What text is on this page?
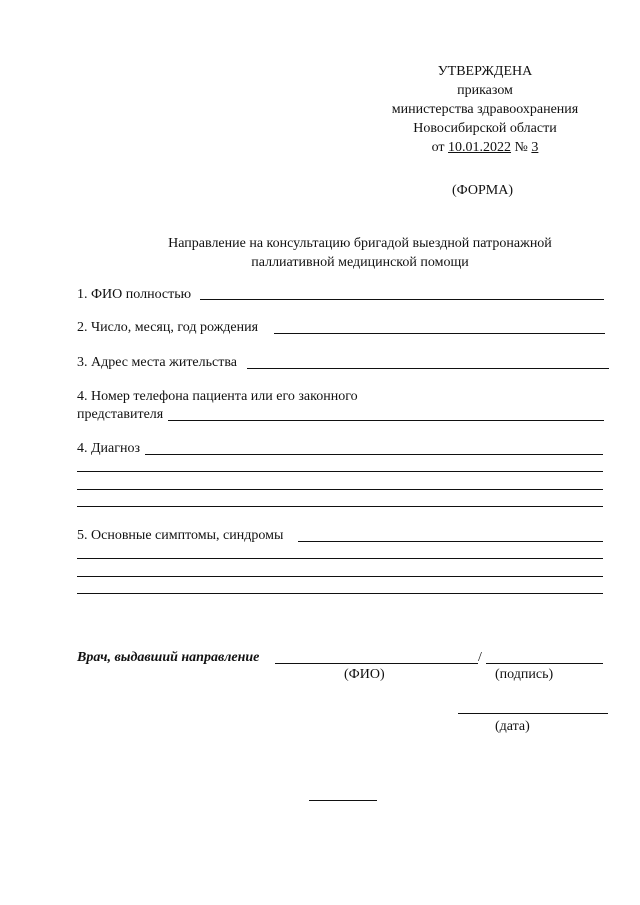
УТВЕРЖДЕНА
приказом
министерства здравоохранения
Новосибирской области
от 10.01.2022 № 3
(ФОРМА)
Направление на консультацию бригадой выездной патронажной
паллиативной медицинской помощи
1. ФИО полностью
2. Число, месяц, год рождения
3. Адрес места жительства
4. Номер телефона пациента или его законного
представителя
4. Диагноз
5. Основные симптомы, синдромы
Врач, выдавший направление	/
(ФИО)	(подпись)
(дата)
